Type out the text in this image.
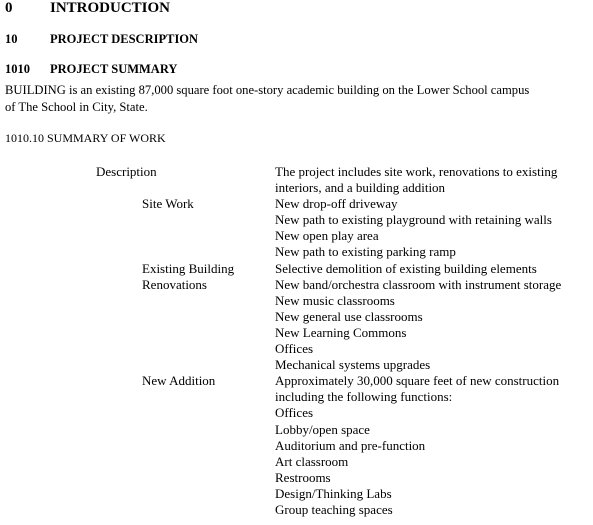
0	INTRODUCTION
10	PROJECT DESCRIPTION
1010 PROJECT SUMMARY
BUILDING is an existing 87,000 square foot one-story academic building on the Lower School campus
of The School in City, State.
1010.10 SUMMARY OF WORK
Description
Site Work
Existing Building
Renovations
New Addition
The project includes site work, renovations to existing
interiors, and a building addition
New drop-off driveway
New path to existing playground with retaining walls
New open play area
New path to existing parking ramp
Selective demolition of existing building elements
New band/orchestra classroom with instrument storage
New music classrooms
New general use classrooms
New Learning Commons
Offices
Mechanical systems upgrades
Approximately 30,000 square feet of new construction
including the following functions:
Offices
Lobby/open space
Auditorium and pre-function
Art classroom
Restrooms
Design/Thinking Labs
Group teaching spaces
